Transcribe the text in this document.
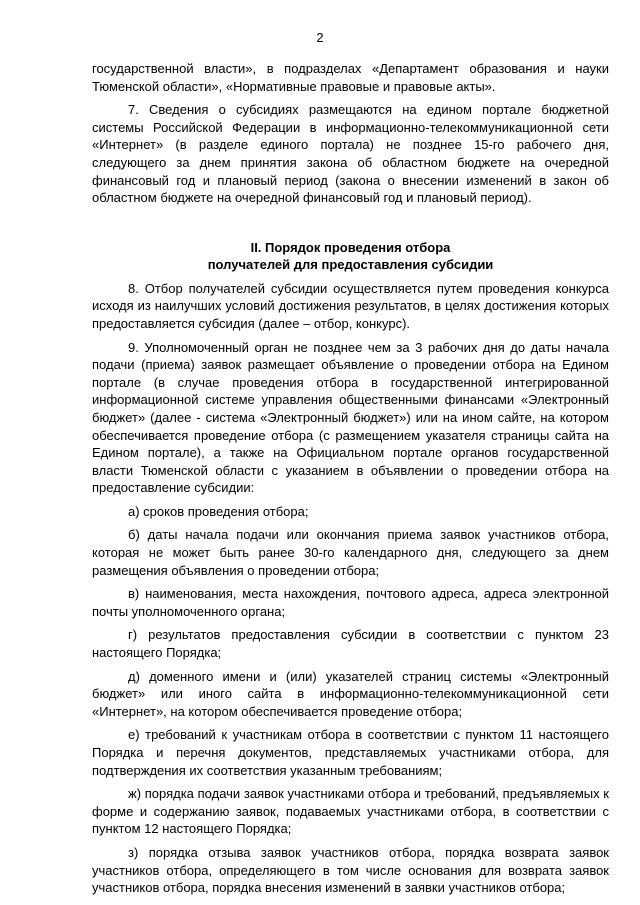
2

государственной власти», в подразделах «Департамент образования и науки Тюменской области», «Нормативные правовые и правовые акты».

7. Сведения о субсидиях размещаются на едином портале бюджетной системы Российской Федерации в информационно-телекоммуникационной сети «Интернет» (в разделе единого портала) не позднее 15-го рабочего дня, следующего за днем принятия закона об областном бюджете на очередной финансовый год и плановый период (закона о внесении изменений в закон об областном бюджете на очередной финансовый год и плановый период).

II. Порядок проведения отбора

получателей для предоставления субсидии

8. Отбор получателей субсидии осуществляется путем проведения конкурса исходя из наилучших условий достижения результатов, в целях достижения которых предоставляется субсидия (далее – отбор, конкурс).

9. Уполномоченный орган не позднее чем за 3 рабочих дня до даты начала подачи (приема) заявок размещает объявление о проведении отбора на Едином портале (в случае проведения отбора в государственной интегрированной информационной системе управления общественными финансами «Электронный бюджет» (далее - система «Электронный бюджет») или на ином сайте, на котором обеспечивается проведение отбора (с размещением указателя страницы сайта на Едином портале), а также на Официальном портале органов государственной власти Тюменской области с указанием в объявлении о проведении отбора на предоставление субсидии:

а) сроков проведения отбора;

б) даты начала подачи или окончания приема заявок участников отбора, которая не может быть ранее 30-го календарного дня, следующего за днем размещения объявления о проведении отбора;

в) наименования, места нахождения, почтового адреса, адреса электронной почты уполномоченного органа;

г) результатов предоставления субсидии в соответствии с пунктом 23 настоящего Порядка;

д) доменного имени и (или) указателей страниц системы «Электронный бюджет» или иного сайта в информационно-телекоммуникационной сети «Интернет», на котором обеспечивается проведение отбора;

е) требований к участникам отбора в соответствии с пунктом 11 настоящего Порядка и перечня документов, представляемых участниками отбора, для подтверждения их соответствия указанным требованиям;

ж) порядка подачи заявок участниками отбора и требований, предъявляемых к форме и содержанию заявок, подаваемых участниками отбора, в соответствии с пунктом 12 настоящего Порядка;

з) порядка отзыва заявок участников отбора, порядка возврата заявок участников отбора, определяющего в том числе основания для возврата заявок участников отбора, порядка внесения изменений в заявки участников отбора;
